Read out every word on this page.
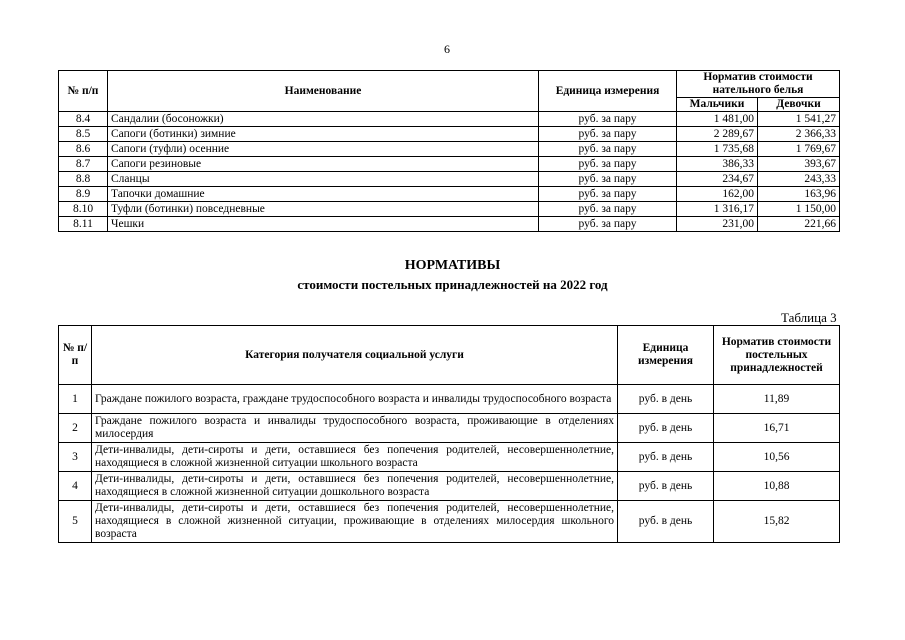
6
№ п/п	Наименование	Единица измерения	Норматив стоимости нательного белья	
			Мальчики	Девочки
8.4	Сандалии (босоножки)	руб. за пару	1 481,00	1 541,27
8.5	Сапоги (ботинки) зимние	руб. за пару	2 289,67	2 366,33
8.6	Сапоги (туфли) осенние	руб. за пару	1 735,68	1 769,67
8.7	Сапоги резиновые	руб. за пару	386,33	393,67
8.8	Сланцы	руб. за пару	234,67	243,33
8.9	Тапочки домашние	руб. за пару	162,00	163,96
8.10	Туфли (ботинки) повседневные	руб. за пару	1 316,17	1 150,00
8.11	Чешки	руб. за пару	231,00	221,66
НОРМАТИВЫ
стоимости постельных принадлежностей на 2022 год
Таблица 3
№ п/п	Категория получателя социальной услуги	Единица измерения	Норматив стоимости постельных принадлежностей
1	Граждане пожилого возраста, граждане трудоспособного возраста и инвалиды трудоспособного возраста	руб. в день	11,89
2	Граждане пожилого возраста и инвалиды трудоспособного возраста, проживающие в отделениях милосердия	руб. в день	16,71
3	Дети-инвалиды, дети-сироты и дети, оставшиеся без попечения родителей, несовершеннолетние, находящиеся в сложной жизненной ситуации школьного возраста	руб. в день	10,56
4	Дети-инвалиды, дети-сироты и дети, оставшиеся без попечения родителей, несовершеннолетние, находящиеся в сложной жизненной ситуации дошкольного возраста	руб. в день	10,88
5	Дети-инвалиды, дети-сироты и дети, оставшиеся без попечения родителей, несовершеннолетние, находящиеся в сложной жизненной ситуации, проживающие в отделениях милосердия школьного возраста	руб. в день	15,82
